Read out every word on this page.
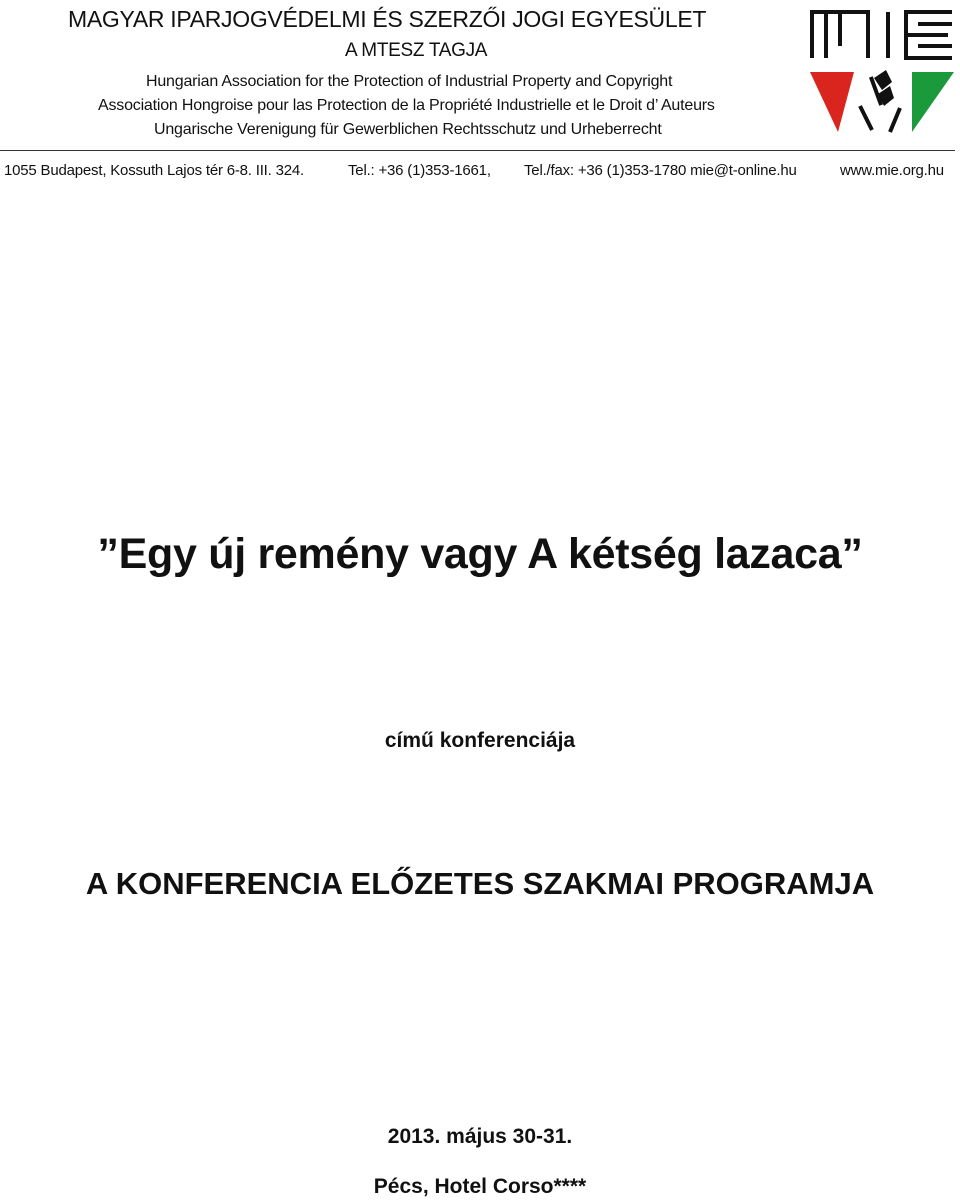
MAGYAR IPARJOGVÉDELMI ÉS SZERZŐI JOGI EGYESÜLET
A MTESZ TAGJA
Hungarian Association for the Protection of Industrial Property and Copyright
Association Hongroise pour las Protection de la Propriété Industrielle et le Droit d’ Auteurs
Ungarische Verenigung für Gewerblichen Rechtsschutz und Urheberrecht
1055 Budapest, Kossuth Lajos tér 6-8. III. 324.	Tel.: +36 (1)353-1661, Tel./fax: +36 (1)353-1780 mie@t-online.hu	www.mie.org.hu
”Egy új remény vagy A kétség lazaca”
című konferenciája
A KONFERENCIA ELŐZETES SZAKMAI PROGRAMJA
2013. május 30-31.
Pécs, Hotel Corso****
